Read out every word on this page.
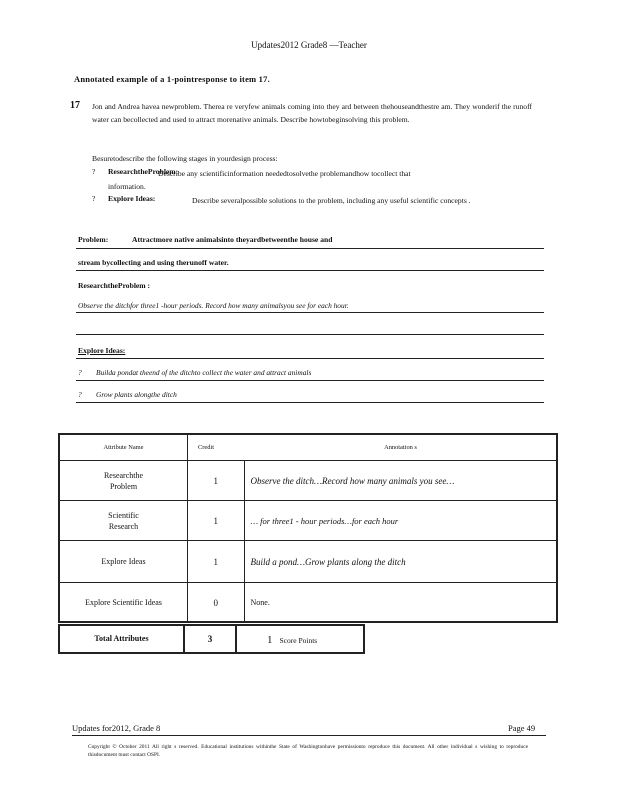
Updates2012 Grade8 —Teacher
Annotated example of a 1-pointresponse to item 17.
17 Jon and Andrea havea newproblem. Therea re veryfew animals coming into they ard between thehouseandthestre am. They wonderif the runoff water can becollected and used to attract morenative animals. Describe howtobeginsolving this problem.
Besuretodescribe the following stages in yourdesign process:
? ResearchtheProblem:
Describe any scientificinformation neededtosolvethe problemandhow tocollect that information.
? Explore Ideas:	Describe severalpossible solutions to the problem, including any useful scientific concepts .
Problem:	Attractmore native animalsinto theyardbetweenthe house and
stream bycollecting and using therunoff water.
ResearchtheProblem :
Observe the ditchfor three1 -hour periods. Record how many animalsyou see for each hour.
Explore Ideas:
? Builda pondat theend of the ditchto collect the water and attract animals
? Grow plants alongthe ditch
Attribute Name	Credit	Annotation s
Researchthe Problem	1	Observe the ditch…Record how many animals you see…
Scientific Research	1	… for three1 - hour periods…for each hour
Explore Ideas	1	Build a pond…Grow plants along the ditch
Explore Scientific Ideas	0	None.
Total Attributes	3	1 Score Points
Updates for2012, Grade 8	Page 49
Copyright © October 2011 All right s reserved. Educational institutions withinthe State of Washingtonhave permissionto reproduce this document. All other individual s wishing to reproduce thisdocument must contact OSPI.
